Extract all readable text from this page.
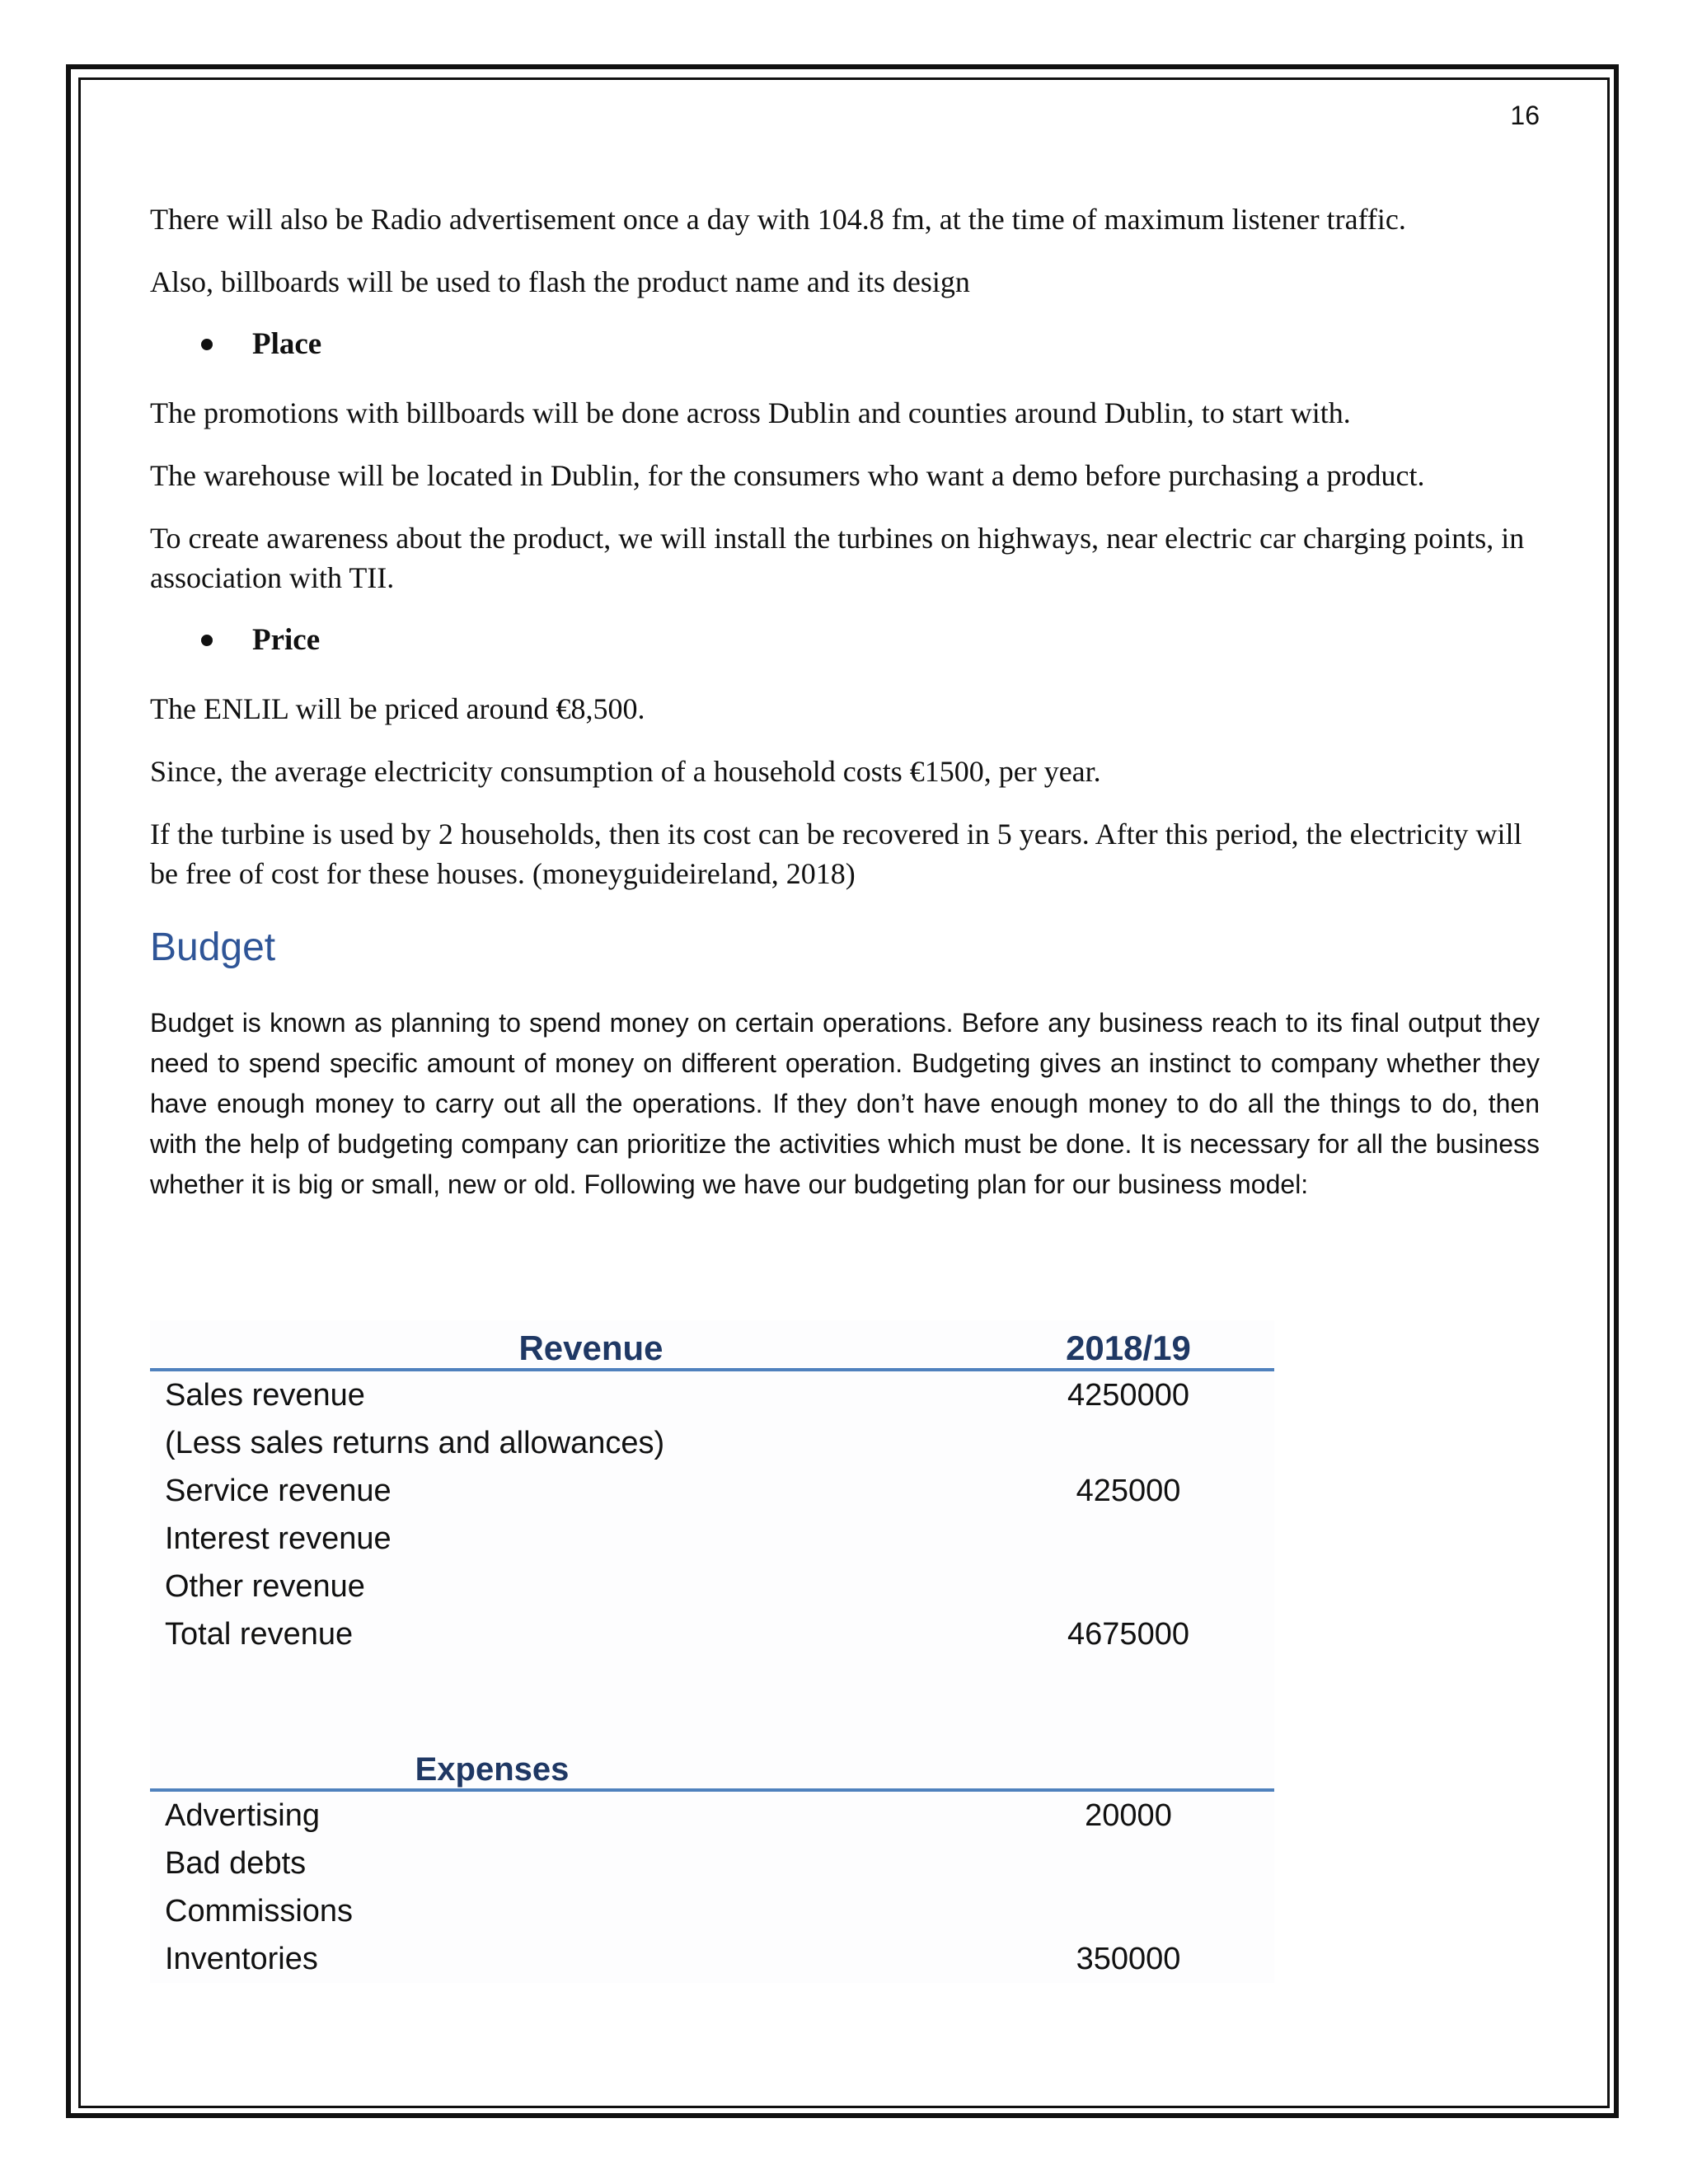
16

There will also be Radio advertisement once a day with 104.8 fm, at the time of maximum listener traffic.

Also, billboards will be used to flash the product name and its design

Place

The promotions with billboards will be done across Dublin and counties around Dublin, to start with.

The warehouse will be located in Dublin, for the consumers who want a demo before purchasing a product.

To create awareness about the product, we will install the turbines on highways, near electric car charging points, in association with TII.

Price

The ENLIL will be priced around €8,500.

Since, the average electricity consumption of a household costs €1500, per year.

If the turbine is used by 2 households, then its cost can be recovered in 5 years. After this period, the electricity will be free of cost for these houses. (moneyguideireland, 2018)

Budget

Budget is known as planning to spend money on certain operations. Before any business reach to its final output they need to spend specific amount of money on different operation. Budgeting gives an instinct to company whether they have enough money to carry out all the operations. If they don’t have enough money to do all the things to do, then with the help of budgeting company can prioritize the activities which must be done. It is necessary for all the business whether it is big or small, new or old. Following we have our budgeting plan for our business model:

Revenue	2018/19
Sales revenue	4250000
(Less sales returns and allowances)
Service revenue	425000
Interest revenue
Other revenue
Total revenue	4675000
Expenses
Advertising	20000
Bad debts
Commissions
Inventories	350000
